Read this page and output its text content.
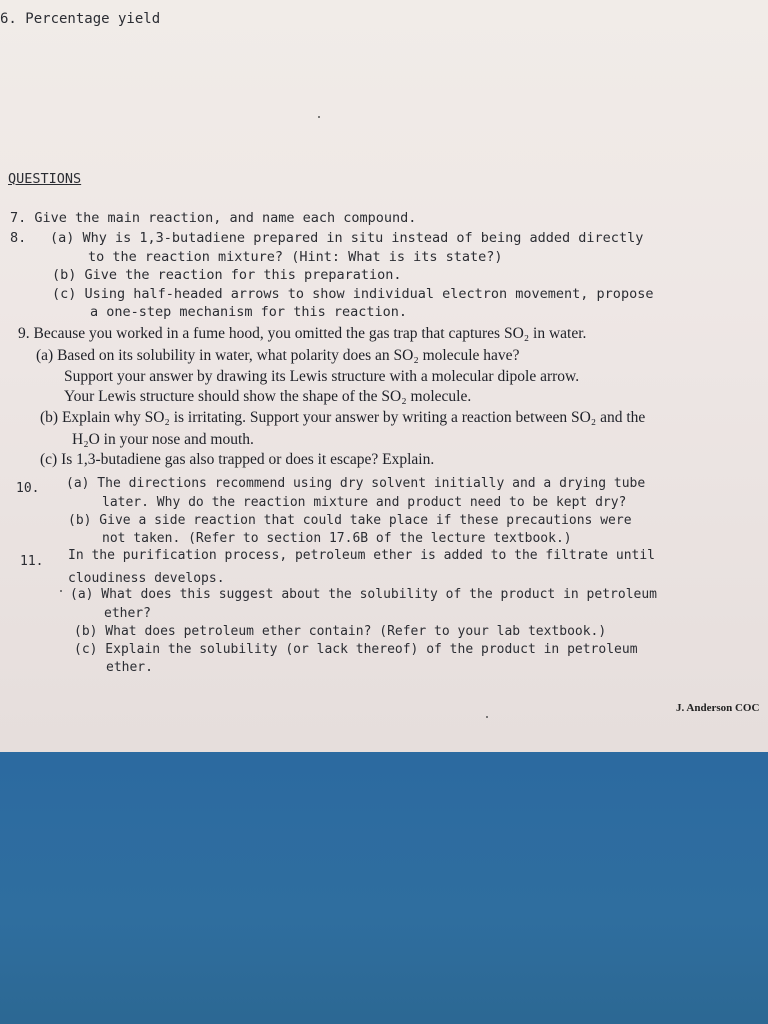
6. Percentage yield
QUESTIONS
7. Give the main reaction, and name each compound.
8. (a) Why is 1,3-butadiene prepared in situ instead of being added directly
to the reaction mixture? (Hint: What is its state?)
(b) Give the reaction for this preparation.
(c) Using half-headed arrows to show individual electron movement, propose
a one-step mechanism for this reaction.
9. Because you worked in a fume hood, you omitted the gas trap that captures SO₂ in water.
(a) Based on its solubility in water, what polarity does an SO₂ molecule have?
Support your answer by drawing its Lewis structure with a molecular dipole arrow.
Your Lewis structure should show the shape of the SO₂ molecule.
(b) Explain why SO₂ is irritating. Support your answer by writing a reaction between SO₂ and the
H₂O in your nose and mouth.
(c) Is 1,3-butadiene gas also trapped or does it escape? Explain.
10. (a) The directions recommend using dry solvent initially and a drying tube
later. Why do the reaction mixture and product need to be kept dry?
(b) Give a side reaction that could take place if these precautions were
not taken. (Refer to section 17.6B of the lecture textbook.)
11. In the purification process, petroleum ether is added to the filtrate until
cloudiness develops.
(a) What does this suggest about the solubility of the product in petroleum
ether?
(b) What does petroleum ether contain? (Refer to your lab textbook.)
(c) Explain the solubility (or lack thereof) of the product in petroleum
ether.
J. Anderson COC
